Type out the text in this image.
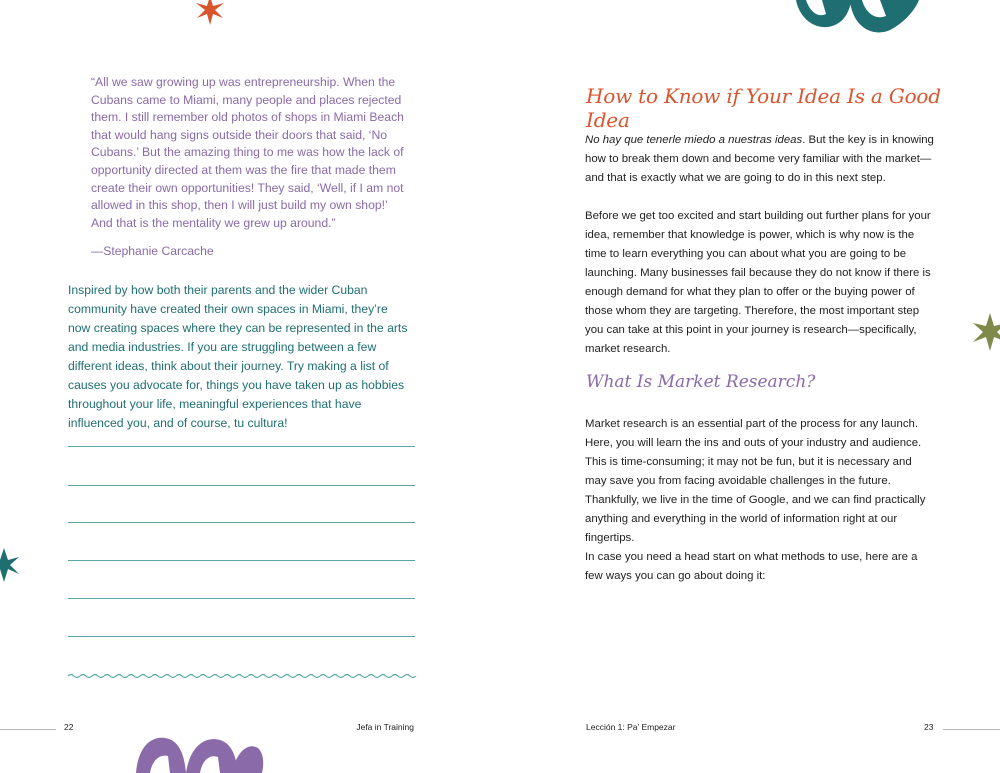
“All we saw growing up was entrepreneurship. When the Cubans came to Miami, many people and places rejected them. I still remember old photos of shops in Miami Beach that would hang signs outside their doors that said, ‘No Cubans.’ But the amazing thing to me was how the lack of opportunity directed at them was the fire that made them create their own opportunities! They said, ‘Well, if I am not allowed in this shop, then I will just build my own shop!’ And that is the mentality we grew up around.”
—Stephanie Carcache
Inspired by how both their parents and the wider Cuban community have created their own spaces in Miami, they’re now creating spaces where they can be represented in the arts and media industries. If you are struggling between a few different ideas, think about their journey. Try making a list of causes you advocate for, things you have taken up as hobbies throughout your life, meaningful experiences that have influenced you, and of course, tu cultura!
22	Jefa in Training
How to Know if Your Idea Is a Good Idea
No hay que tenerle miedo a nuestras ideas. But the key is in knowing how to break them down and become very familiar with the market—and that is exactly what we are going to do in this next step.
Before we get too excited and start building out further plans for your idea, remember that knowledge is power, which is why now is the time to learn everything you can about what you are going to be launching. Many businesses fail because they do not know if there is enough demand for what they plan to offer or the buying power of those whom they are targeting. Therefore, the most important step you can take at this point in your journey is research—specifically, market research.
What Is Market Research?
Market research is an essential part of the process for any launch. Here, you will learn the ins and outs of your industry and audience. This is time-consuming; it may not be fun, but it is necessary and may save you from facing avoidable challenges in the future. Thankfully, we live in the time of Google, and we can find practically anything and everything in the world of information right at our fingertips.
In case you need a head start on what methods to use, here are a few ways you can go about doing it:
Lección 1: Pa’ Empezar	23
